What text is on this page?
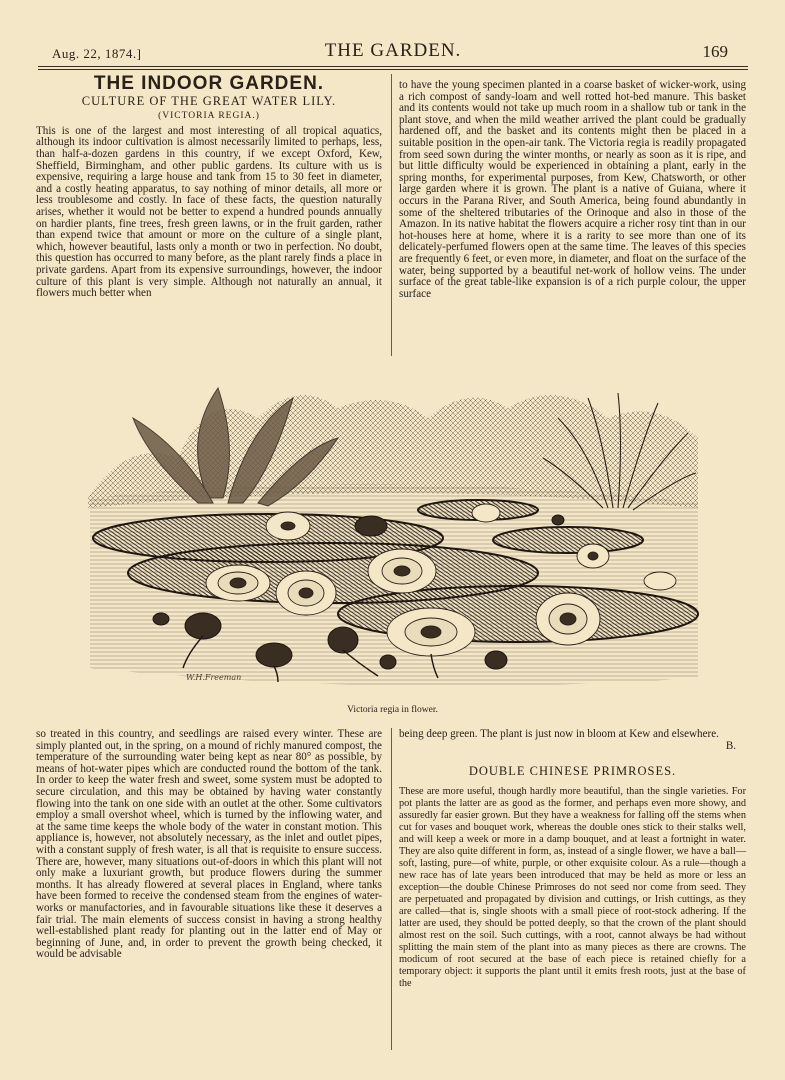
Aug. 22, 1874.]	THE GARDEN.	169
THE INDOOR GARDEN.
CULTURE OF THE GREAT WATER LILY.
(VICTORIA REGIA.)

This is one of the largest and most interesting of all tropical aquatics, although its indoor cultivation is almost necessarily limited to perhaps, less, than half-a-dozen gardens in this country, if we except Oxford, Kew, Sheffield, Birmingham, and other public gardens. Its culture with us is expensive, requiring a large house and tank from 15 to 30 feet in diameter, and a costly heating apparatus, to say nothing of minor details, all more or less troublesome and costly. In face of these facts, the question naturally arises, whether it would not be better to expend a hundred pounds annually on hardier plants, fine trees, fresh green lawns, or in the fruit garden, rather than expend twice that amount or more on the culture of a single plant, which, however beautiful, lasts only a month or two in perfection. No doubt, this question has occurred to many before, as the plant rarely finds a place in private gardens. Apart from its expensive surroundings, however, the indoor culture of this plant is very simple. Although not naturally an annual, it flowers much better when

to have the young specimen planted in a coarse basket of wicker-work, using a rich compost of sandy-loam and well rotted hot-bed manure. This basket and its contents would not take up much room in a shallow tub or tank in the plant stove, and when the mild weather arrived the plant could be gradually hardened off, and the basket and its contents might then be placed in a suitable position in the open-air tank. The Victoria regia is readily propagated from seed sown during the winter months, or nearly as soon as it is ripe, and but little difficulty would be experienced in obtaining a plant, early in the spring months, for experimental purposes, from Kew, Chatsworth, or other large garden where it is grown. The plant is a native of Guiana, where it occurs in the Parana River, and South America, being found abundantly in some of the sheltered tributaries of the Orinoque and also in those of the Amazon. In its native habitat the flowers acquire a richer rosy tint than in our hot-houses here at home, where it is a rarity to see more than one of its delicately-perfumed flowers open at the same time. The leaves of this species are frequently 6 feet, or even more, in diameter, and float on the surface of the water, being supported by a beautiful net-work of hollow veins. The under surface of the great table-like expansion is of a rich purple colour, the upper surface

W.H.Freeman
Victoria regia in flower.

so treated in this country, and seedlings are raised every winter. These are simply planted out, in the spring, on a mound of richly manured compost, the temperature of the surrounding water being kept as near 80° as possible, by means of hot-water pipes which are conducted round the bottom of the tank. In order to keep the water fresh and sweet, some system must be adopted to secure circulation, and this may be obtained by having water constantly flowing into the tank on one side with an outlet at the other. Some cultivators employ a small overshot wheel, which is turned by the inflowing water, and at the same time keeps the whole body of the water in constant motion. This appliance is, however, not absolutely necessary, as the inlet and outlet pipes, with a constant supply of fresh water, is all that is requisite to ensure success. There are, however, many situations out-of-doors in which this plant will not only make a luxuriant growth, but produce flowers during the summer months. It has already flowered at several places in England, where tanks have been formed to receive the condensed steam from the engines of water-works or manufactories, and in favourable situations like these it deserves a fair trial. The main elements of success consist in having a strong healthy well-established plant ready for planting out in the latter end of May or beginning of June, and, in order to prevent the growth being checked, it would be advisable

being deep green. The plant is just now in bloom at Kew and elsewhere.

B.
DOUBLE CHINESE PRIMROSES.

These are more useful, though hardly more beautiful, than the single varieties. For pot plants the latter are as good as the former, and perhaps even more showy, and assuredly far easier grown. But they have a weakness for falling off the stems when cut for vases and bouquet work, whereas the double ones stick to their stalks well, and will keep a week or more in a damp bouquet, and at least a fortnight in water. They are also quite different in form, as, instead of a single flower, we have a ball—soft, lasting, pure—of white, purple, or other exquisite colour. As a rule—though a new race has of late years been introduced that may be held as more or less an exception—the double Chinese Primroses do not seed nor come from seed. They are perpetuated and propagated by division and cuttings, or Irish cuttings, as they are called—that is, single shoots with a small piece of root-stock adhering. If the latter are used, they should be potted deeply, so that the crown of the plant should almost rest on the soil. Such cuttings, with a root, cannot always be had without splitting the main stem of the plant into as many pieces as there are crowns. The modicum of root secured at the base of each piece is retained chiefly for a temporary object: it supports the plant until it emits fresh roots, just at the base of the
